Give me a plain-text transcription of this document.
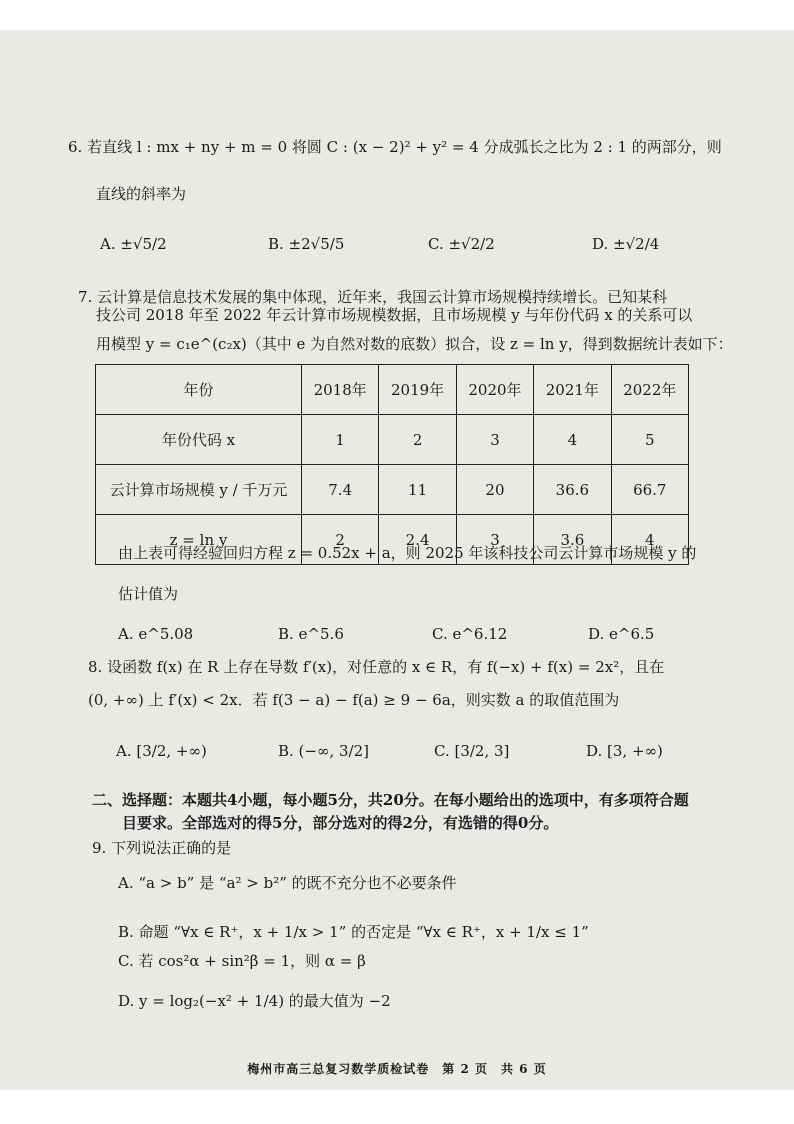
6. 若直线 l : mx + ny + m = 0 将圆 C : (x − 2)² + y² = 4 分成弧长之比为 2 : 1 的两部分，则
直线的斜率为
A. ±√5/2	B. ±2√5/5	C. ±√2/2	D. ±√2/4
7. 云计算是信息技术发展的集中体现，近年来，我国云计算市场规模持续增长。已知某科
技公司 2018 年至 2022 年云计算市场规模数据，且市场规模 y 与年份代码 x 的关系可以
用模型 y = c₁e^(c₂x)（其中 e 为自然对数的底数）拟合，设 z = ln y，得到数据统计表如下：
年份	2018年	2019年	2020年	2021年	2022年
年份代码 x	1	2	3	4	5
云计算市场规模 y / 千万元	7.4	11	20	36.6	66.7
z = ln y	2	2.4	3	3.6	4
由上表可得经验回归方程 z = 0.52x + a，则 2025 年该科技公司云计算市场规模 y 的
估计值为
A. e^5.08	B. e^5.6	C. e^6.12	D. e^6.5
8. 设函数 f(x) 在 R 上存在导数 f′(x)，对任意的 x ∈ R，有 f(−x) + f(x) = 2x²，且在
(0, +∞) 上 f′(x) < 2x．若 f(3 − a) − f(a) ≥ 9 − 6a，则实数 a 的取值范围为
A. [3/2, +∞)	B. (−∞, 3/2]	C. [3/2, 3]	D. [3, +∞)
二、选择题：本题共4小题，每小题5分，共20分。在每小题给出的选项中，有多项符合题
目要求。全部选对的得5分，部分选对的得2分，有选错的得0分。
9. 下列说法正确的是
A. “a > b” 是 “a² > b²” 的既不充分也不必要条件
B. 命题 “∀x ∈ R⁺，x + 1/x > 1” 的否定是 “∀x ∈ R⁺，x + 1/x ≤ 1”
C. 若 cos²α + sin²β = 1，则 α = β
D. y = log₂(−x² + 1/4) 的最大值为 −2
梅州市高三总复习数学质检试卷　第 2 页　共 6 页
